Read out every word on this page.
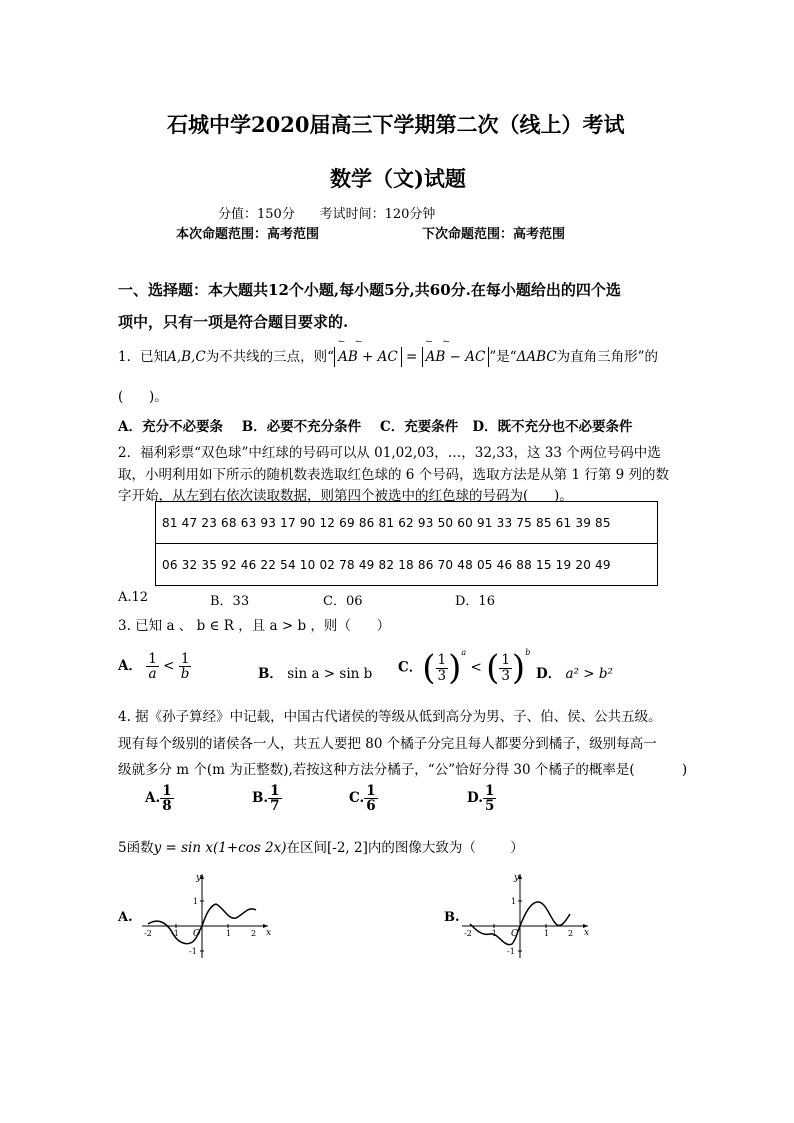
石城中学2020届高三下学期第二次（线上）考试
数学（文)试题
分值：150分      考试时间：120分钟
本次命题范围：高考范围	下次命题范围：高考范围
一、选择题：本大题共12个小题,每小题5分,共60分.在每小题给出的四个选
项中，只有一项是符合题目要求的.
1．已知A,B,C为不共线的三点，则“ AB + AC
↼ ↼
= AB − AC
↼ ↼
”是“ΔABC为直角三角形”的
(      )。
A．充分不必要条    B．必要不充分条件    C．充要条件   D．既不充分也不必要条件
2．福利彩票“双色球”中红球的号码可以从 01,02,03，…，32,33，这 33 个两位号码中选
取，小明利用如下所示的随机数表选取红色球的 6 个号码，选取方法是从第 1 行第 9 列的数
字开始，从左到右依次读取数据，则第四个被选中的红色球的号码为(      )。
81 47 23 68 63 93 17 90 12 69 86 81 62 93 50 60 91 33 75 85 61 39 85
06 32 35 92 46 22 54 10 02 78 49 82 18 86 70 48 05 46 88 15 19 20 49
A.12	B．33	C．06	D．16
3. 已知 a 、 b ∈ R ，且 a > b ，则（      ）
A． $\frac{1}{a} < \frac{1}{b}$	B． sin a > sin b C．( $\frac{1}{3} )^a$ < ( $\frac{1}{3} )^b$
D． a² > b²
4. 据《孙子算经》中记载，中国古代诸侯的等级从低到高分为男、子、伯、侯、公共五级。
现有每个级别的诸侯各一人，共五人要把 80 个橘子分完且每人都要分到橘子，级别每高一
级就多分 m 个(m 为正整数),若按这种方法分橘子，“公”恰好分得 30 个橘子的概率是(           )
A. $\frac{1}{8}$	B. $\frac{1}{7}$	C. $\frac{1}{6}$	D. $\frac{1}{5}$
5函数y = sin x(1+cos 2x)在区间[-2, 2]内的图像大致为（        ）
A.
y
x
O
-2 -1	1 2
1
-1
B.
y
x
O
-2 -1	1 2
1
-1
